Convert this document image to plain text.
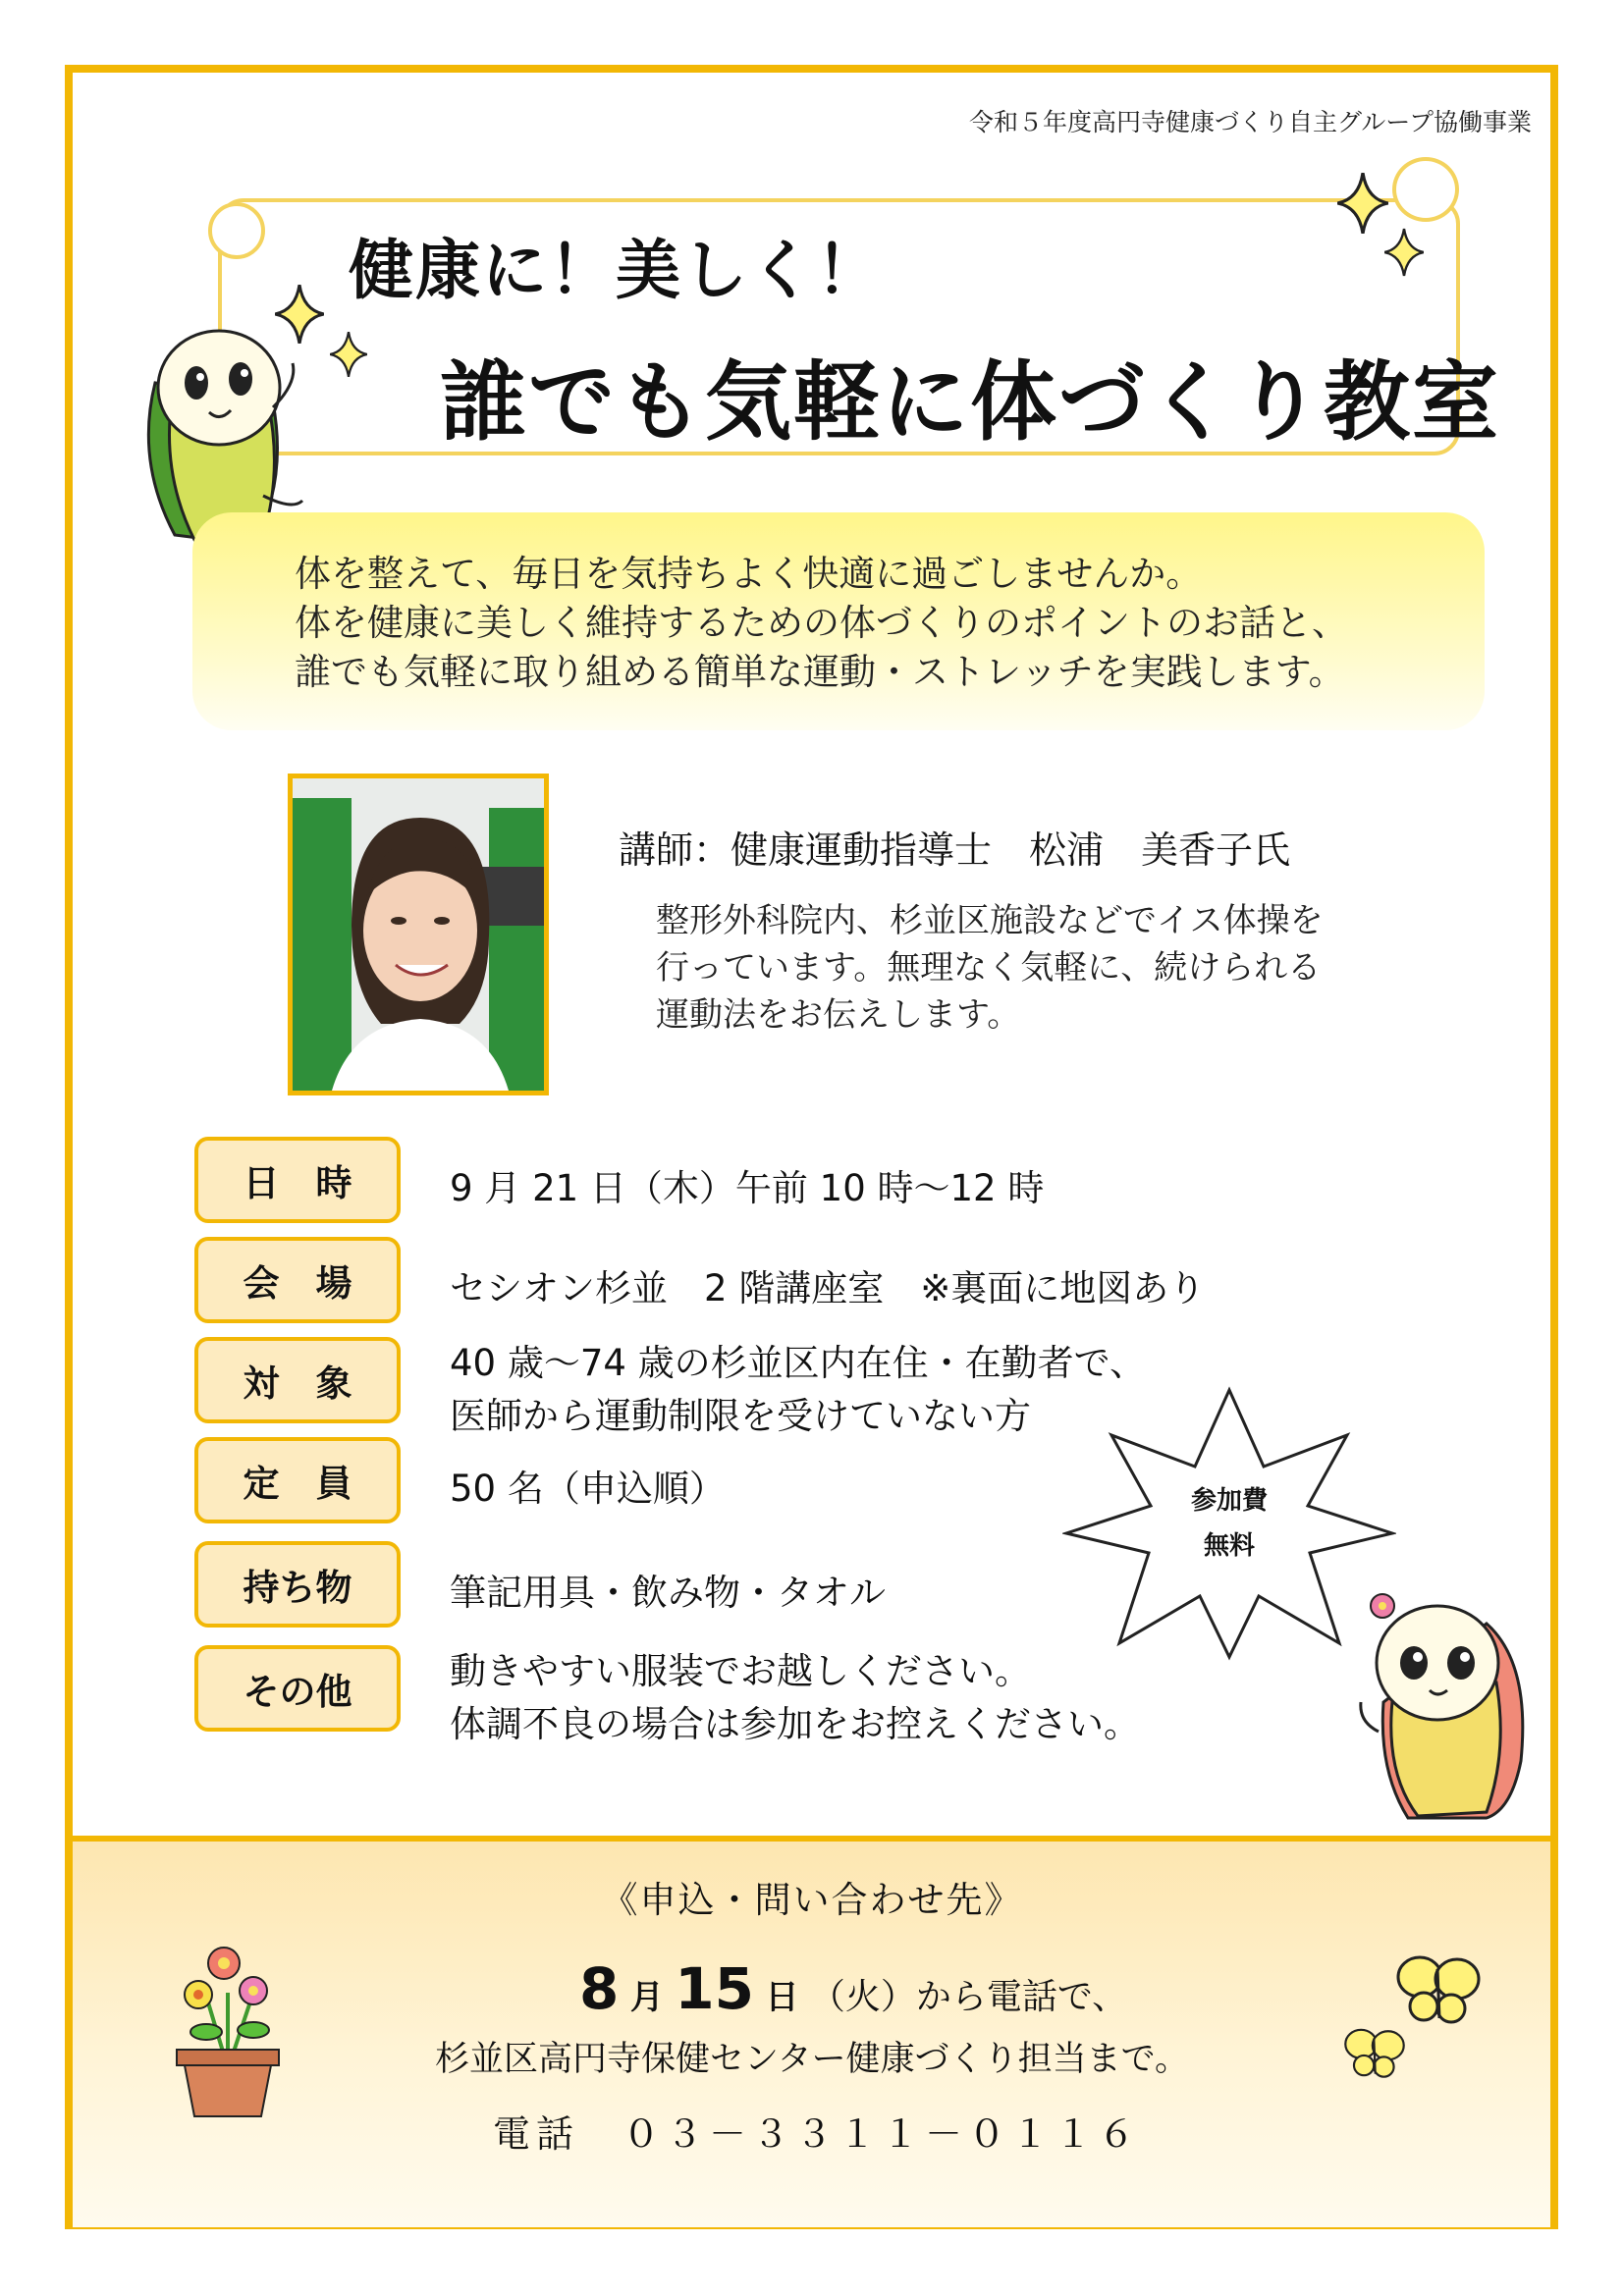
令和５年度高円寺健康づくり自主グループ協働事業
健康に！美しく！
誰でも気軽に体づくり教室
体を整えて、毎日を気持ちよく快適に過ごしませんか。
体を健康に美しく維持するための体づくりのポイントのお話と、
誰でも気軽に取り組める簡単な運動・ストレッチを実践します。
講師：健康運動指導士　松浦　美香子氏
整形外科院内、杉並区施設などでイス体操を
行っています。無理なく気軽に、続けられる
運動法をお伝えします。
日　時	9 月 21 日（木）午前 10 時〜12 時
会　場	セシオン杉並　2 階講座室　※裏面に地図あり
対　象	40 歳〜74 歳の杉並区内在住・在勤者で、
医師から運動制限を受けていない方
定　員	50 名（申込順）
持ち物	筆記用具・飲み物・タオル
その他	動きやすい服装でお越しください。
体調不良の場合は参加をお控えください。
参加費
無料
《申込・問い合わせ先》
8 月 15 日 （火）から電話で、
杉並区高円寺保健センター健康づくり担当まで。
電話　 ０３－３３１１－０１１６
